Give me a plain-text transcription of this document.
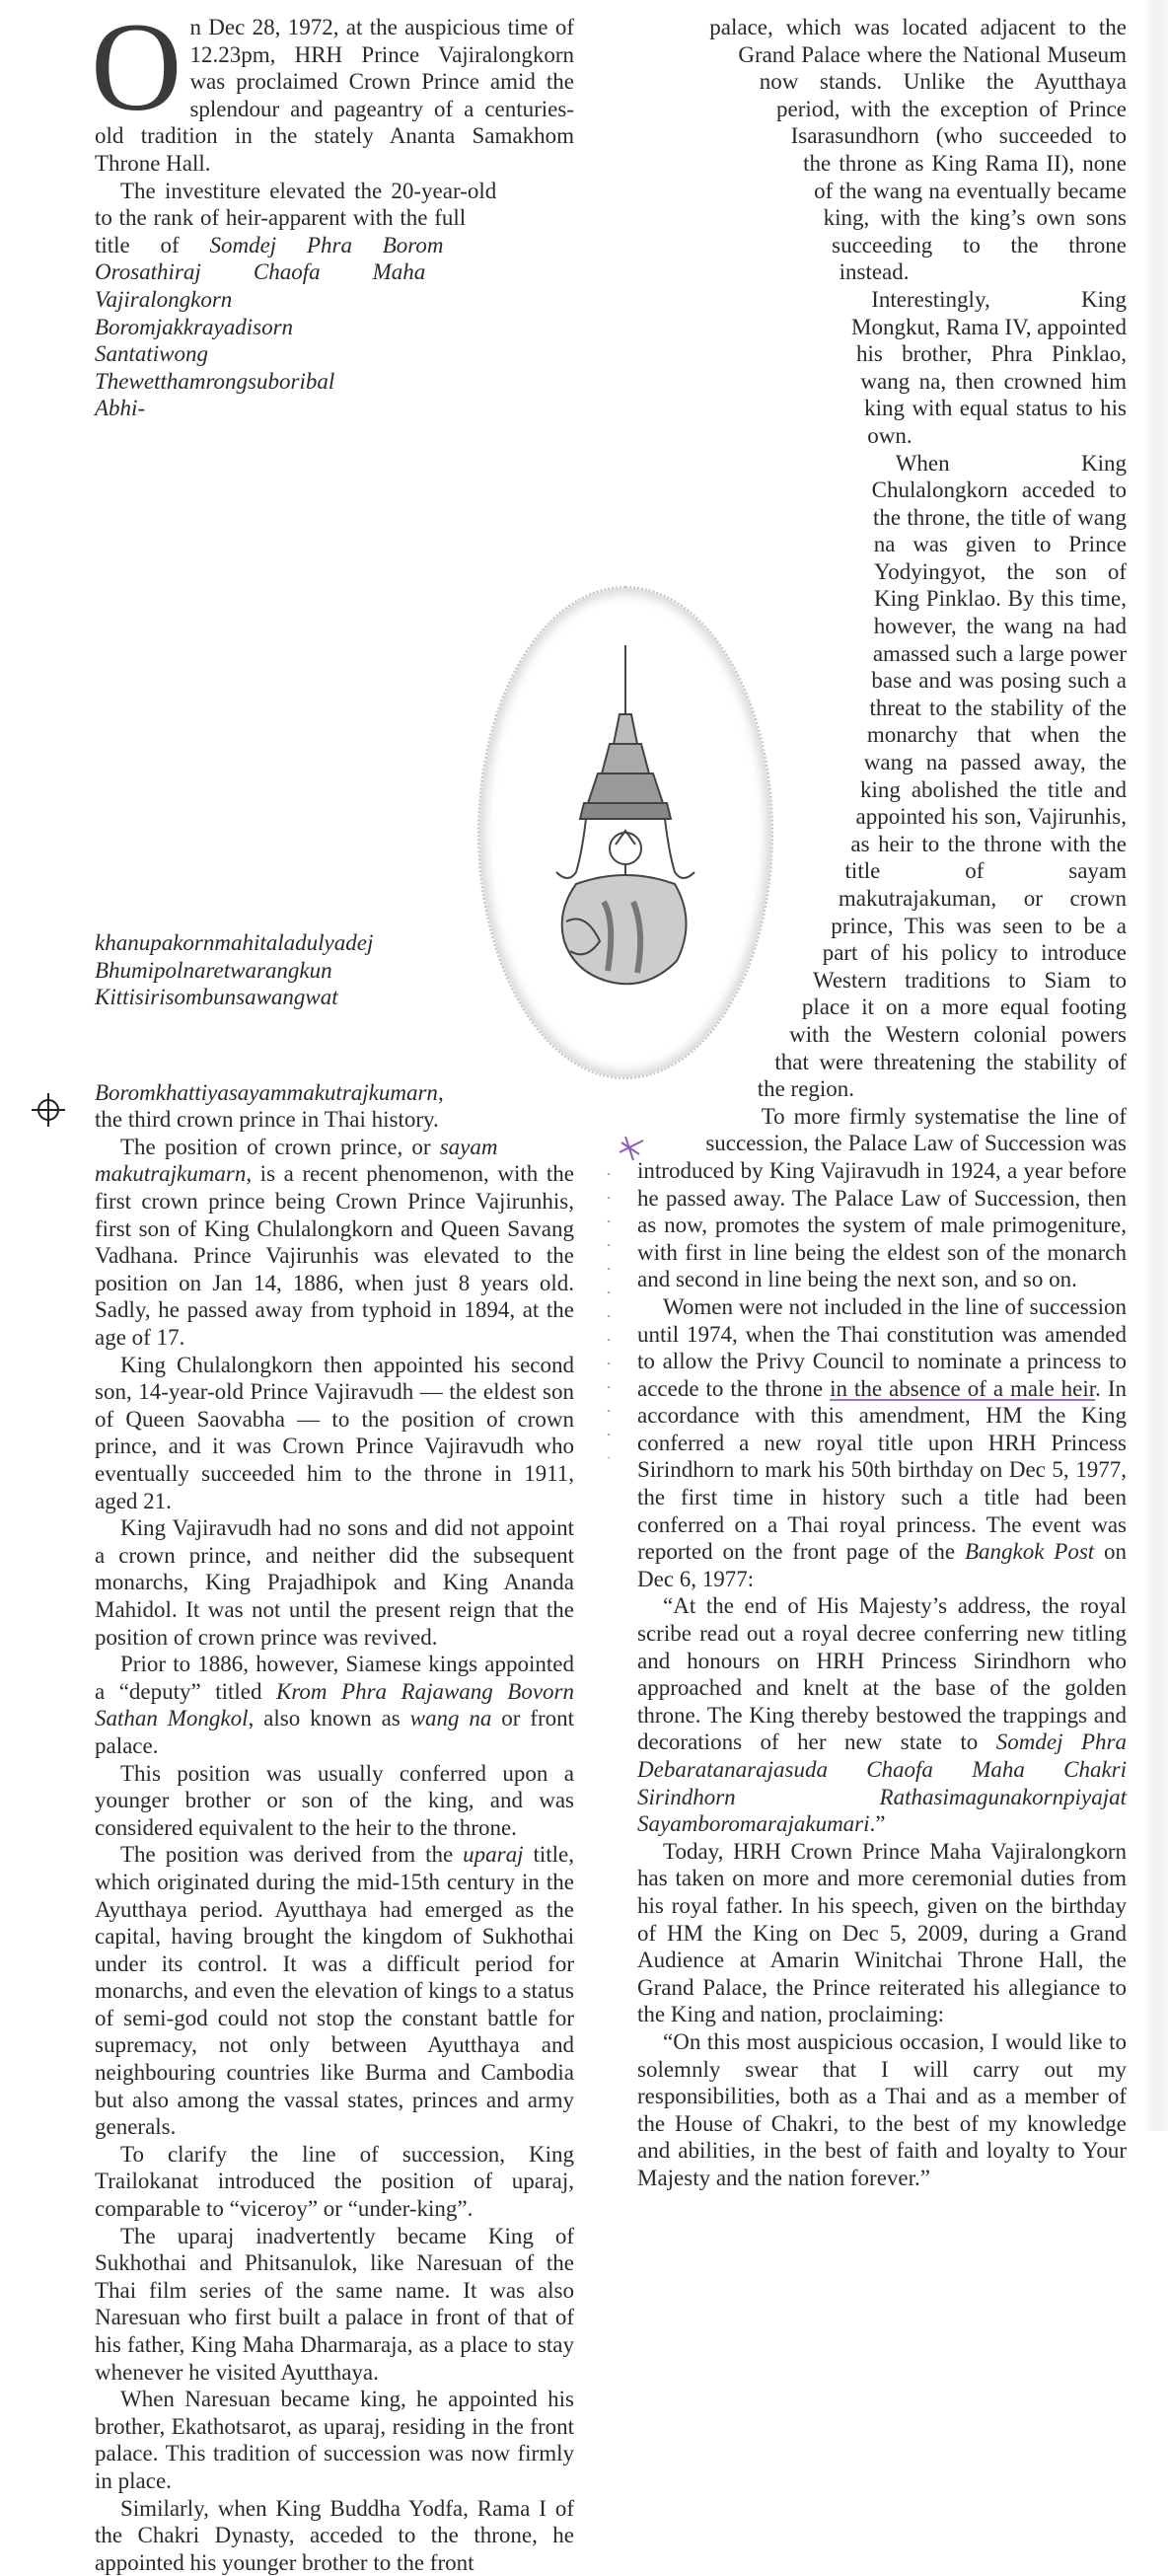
On Dec 28, 1972, at the auspicious time of 12.23pm, HRH Prince Vajiralongkorn was proclaimed Crown Prince amid the splendour and pageantry of a centuries-old tradition in the stately Ananta Samakhom Throne Hall.

The investiture elevated the 20-year-old to the rank of heir-apparent with the full title of Somdej Phra Borom Orosathiraj Chaofa Maha Vajiralongkorn Boromjakkrayadisorn Santatiwong Thewetthamrongsuboribal Abhikhanupakornmahitaladulyadej Bhumipolnaretwarangkun Kittisirisombunsawangwat Boromkhattiyasayammakutrajkumarn, the third crown prince in Thai history.

The position of crown prince, or sayam makutrajkumarn, is a recent phenomenon, with the first crown prince being Crown Prince Vajirunhis, first son of King Chulalongkorn and Queen Savang Vadhana. Prince Vajirunhis was elevated to the position on Jan 14, 1886, when just 8 years old. Sadly, he passed away from typhoid in 1894, at the age of 17.

King Chulalongkorn then appointed his second son, 14-year-old Prince Vajiravudh — the eldest son of Queen Saovabha — to the position of crown prince, and it was Crown Prince Vajiravudh who eventually succeeded him to the throne in 1911, aged 21.

King Vajiravudh had no sons and did not appoint a crown prince, and neither did the subsequent monarchs, King Prajadhipok and King Ananda Mahidol. It was not until the present reign that the position of crown prince was revived.

Prior to 1886, however, Siamese kings appointed a “deputy” titled Krom Phra Rajawang Bovorn Sathan Mongkol, also known as wang na or front palace.

This position was usually conferred upon a younger brother or son of the king, and was considered equivalent to the heir to the throne.

The position was derived from the uparaj title, which originated during the mid-15th century in the Ayutthaya period. Ayutthaya had emerged as the capital, having brought the kingdom of Sukhothai under its control. It was a difficult period for monarchs, and even the elevation of kings to a status of semi-god could not stop the constant battle for supremacy, not only between Ayutthaya and neighbouring countries like Burma and Cambodia but also among the vassal states, princes and army generals.

To clarify the line of succession, King Trailokanat introduced the position of uparaj, comparable to “viceroy” or “under-king”.

The uparaj inadvertently became King of Sukhothai and Phitsanulok, like Naresuan of the Thai film series of the same name. It was also Naresuan who first built a palace in front of that of his father, King Maha Dharmaraja, as a place to stay whenever he visited Ayutthaya.

When Naresuan became king, he appointed his brother, Ekathotsarot, as uparaj, residing in the front palace. This tradition of succession was now firmly in place.

Similarly, when King Buddha Yodfa, Rama I of the Chakri Dynasty, acceded to the throne, he appointed his younger brother to the front

palace, which was located adjacent to the Grand Palace where the National Museum now stands. Unlike the Ayutthaya period, with the exception of Prince Isarasundhorn (who succeeded to the throne as King Rama II), none of the wang na eventually became king, with the king’s own sons succeeding to the throne instead.

Interestingly, King Mongkut, Rama IV, appointed his brother, Phra Pinklao, wang na, then crowned him king with equal status to his own.

When King Chulalongkorn acceded to the throne, the title of wang na was given to Prince Yodyingyot, the son of King Pinklao. By this time, however, the wang na had amassed such a large power base and was posing such a threat to the stability of the monarchy that when the wang na passed away, the king abolished the title and appointed his son, Vajirunhis, as heir to the throne with the title of sayam makutrajakuman, or crown prince, This was seen to be a part of his policy to introduce Western traditions to Siam to place it on a more equal footing with the Western colonial powers that were threatening the stability of the region.

To more firmly systematise the line of succession, the Palace Law of Succession was introduced by King Vajiravudh in 1924, a year before he passed away. The Palace Law of Succession, then as now, promotes the system of male primogeniture, with first in line being the eldest son of the monarch and second in line being the next son, and so on.

Women were not included in the line of succession until 1974, when the Thai constitution was amended to allow the Privy Council to nominate a princess to accede to the throne in the absence of a male heir. In accordance with this amendment, HM the King conferred a new royal title upon HRH Princess Sirindhorn to mark his 50th birthday on Dec 5, 1977, the first time in history such a title had been conferred on a Thai royal princess. The event was reported on the front page of the Bangkok Post on Dec 6, 1977:

“At the end of His Majesty’s address, the royal scribe read out a royal decree conferring new titling and honours on HRH Princess Sirindhorn who approached and knelt at the base of the golden throne. The King thereby bestowed the trappings and decorations of her new state to Somdej Phra Debaratanarajasuda Chaofa Maha Chakri Sirindhorn Rathasimagunakornpiyajat Sayamboromarajakumari.”

Today, HRH Crown Prince Maha Vajiralongkorn has taken on more and more ceremonial duties from his royal father. In his speech, given on the birthday of HM the King on Dec 5, 2009, during a Grand Audience at Amarin Winitchai Throne Hall, the Grand Palace, the Prince reiterated his allegiance to the King and nation, proclaiming:

“On this most auspicious occasion, I would like to solemnly swear that I will carry out my responsibilities, both as a Thai and as a member of the House of Chakri, to the best of my knowledge and abilities, in the best of faith and loyalty to Your Majesty and the nation forever.”
